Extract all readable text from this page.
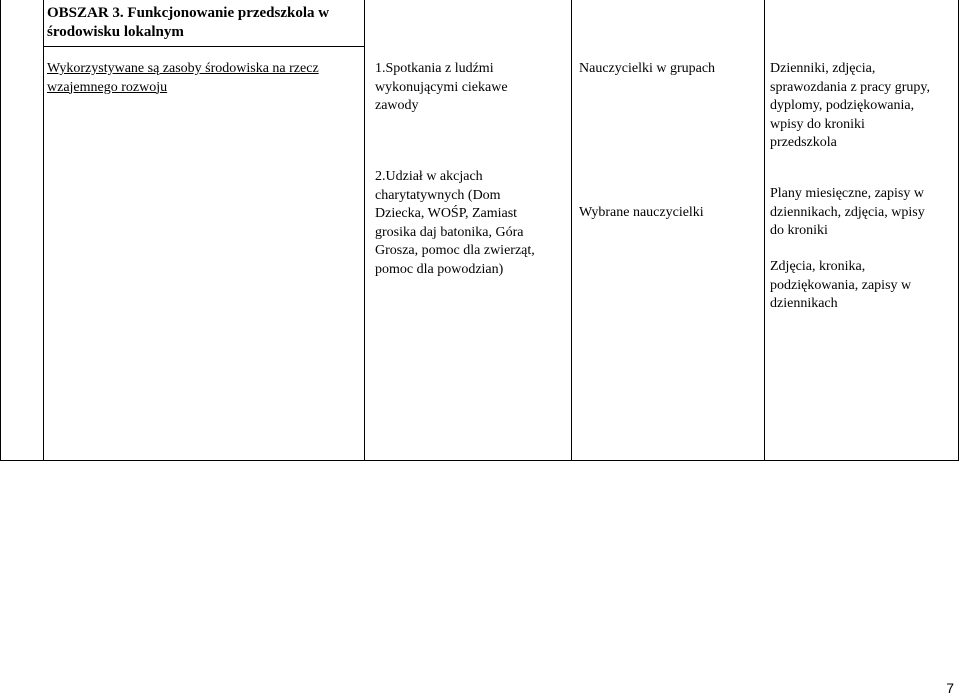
OBSZAR 3. Funkcjonowanie przedszkola w
środowisku lokalnym
Wykorzystywane są zasoby środowiska na rzecz
wzajemnego rozwoju
1.Spotkania z ludźmi
wykonującymi ciekawe
zawody
Nauczycielki w grupach	Dzienniki, zdjęcia,
sprawozdania z pracy grupy,
dyplomy, podziękowania,
wpisy do kroniki
przedszkola
2.Udział w akcjach
charytatywnych (Dom
Dziecka, WOŚP, Zamiast
grosika daj batonika, Góra
Grosza, pomoc dla zwierząt,
pomoc dla powodzian)
Wybrane nauczycielki
Plany miesięczne, zapisy w
dziennikach, zdjęcia, wpisy
do kroniki
Zdjęcia, kronika,
podziękowania, zapisy w
dziennikach
7
